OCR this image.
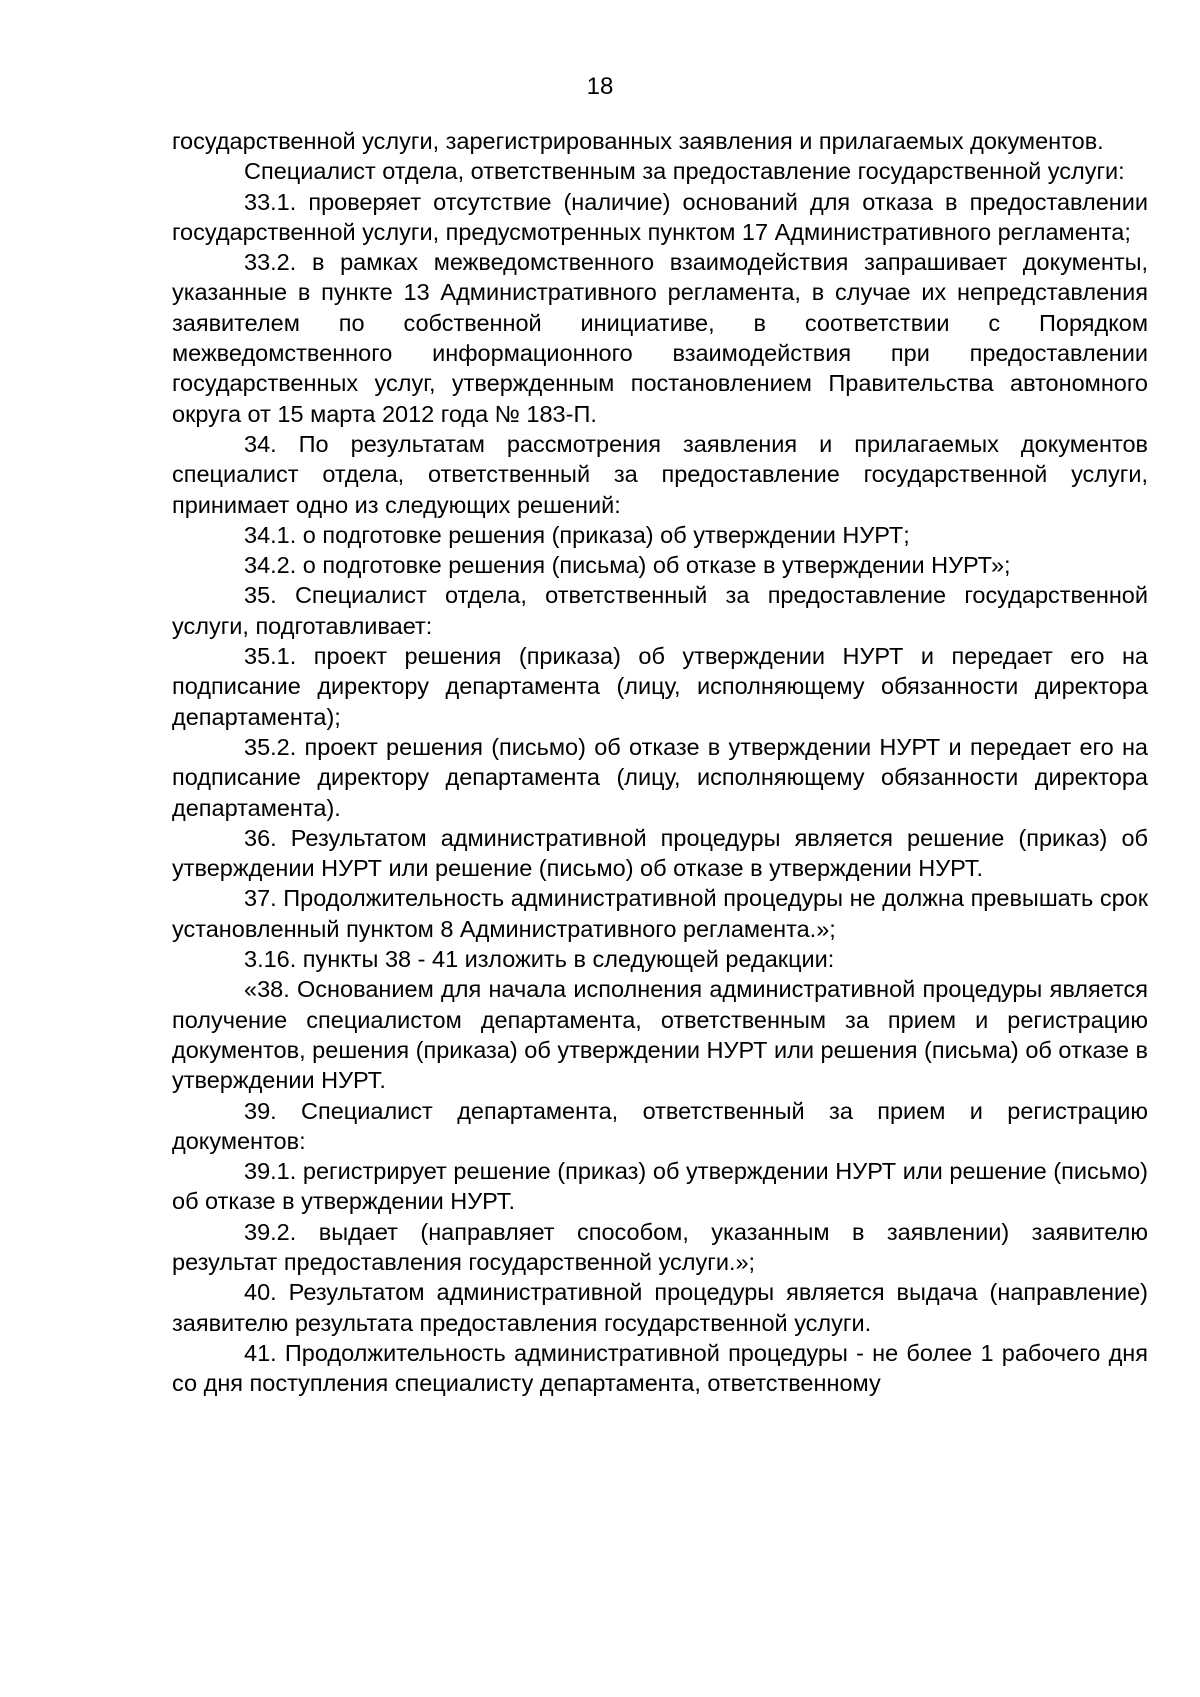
18

государственной услуги, зарегистрированных заявления и прилагаемых документов.

Специалист отдела, ответственным за предоставление государственной услуги:

33.1. проверяет отсутствие (наличие) оснований для отказа в предоставлении государственной услуги, предусмотренных пунктом 17 Административного регламента;

33.2. в рамках межведомственного взаимодействия запрашивает документы, указанные в пункте 13 Административного регламента, в случае их непредставления заявителем по собственной инициативе, в соответствии с Порядком межведомственного информационного взаимодействия при предоставлении государственных услуг, утвержденным постановлением Правительства автономного округа от 15 марта 2012 года № 183-П.

34. По результатам рассмотрения заявления и прилагаемых документов специалист отдела, ответственный за предоставление государственной услуги, принимает одно из следующих решений:

34.1. о подготовке решения (приказа) об утверждении НУРТ;

34.2. о подготовке решения (письма) об отказе в утверждении НУРТ»;

35. Специалист отдела, ответственный за предоставление государственной услуги, подготавливает:

35.1. проект решения (приказа) об утверждении НУРТ и передает его на подписание директору департамента (лицу, исполняющему обязанности директора департамента);

35.2. проект решения (письмо) об отказе в утверждении НУРТ и передает его на подписание директору департамента (лицу, исполняющему обязанности директора департамента).

36. Результатом административной процедуры является решение (приказ) об утверждении НУРТ или решение (письмо) об отказе в утверждении НУРТ.

37. Продолжительность административной процедуры не должна превышать срок установленный пунктом 8 Административного регламента.»;

3.16. пункты 38 - 41 изложить в следующей редакции:

«38. Основанием для начала исполнения административной процедуры является получение специалистом департамента, ответственным за прием и регистрацию документов, решения (приказа) об утверждении НУРТ или решения (письма) об отказе в утверждении НУРТ.

39. Специалист департамента, ответственный за прием и регистрацию документов:

39.1. регистрирует решение (приказ) об утверждении НУРТ или решение (письмо) об отказе в утверждении НУРТ.

39.2. выдает (направляет способом, указанным в заявлении) заявителю результат предоставления государственной услуги.»;

40. Результатом административной процедуры является выдача (направление) заявителю результата предоставления государственной услуги.

41. Продолжительность административной процедуры - не более 1 рабочего дня со дня поступления специалисту департамента, ответственному
